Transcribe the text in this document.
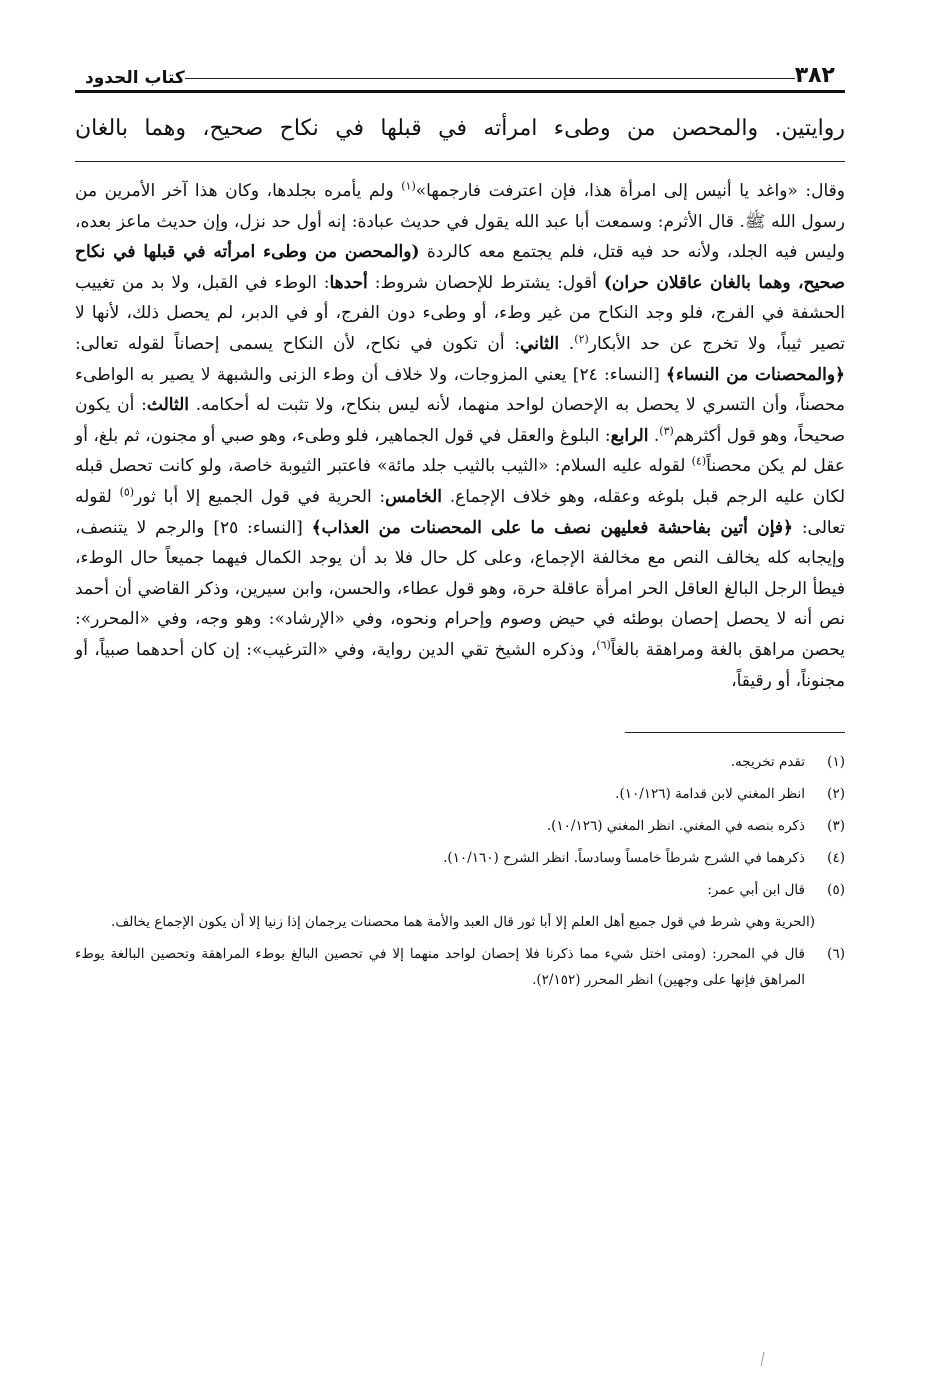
٣٨٢
كتاب الحدود
روايتين. والمحصن من وطىء امرأته في قبلها في نكاح صحيح، وهما بالغان
وقال: «واغد يا أنيس إلى امرأة هذا، فإن اعترفت فارجمها»$^{(١)}$ ولم يأمره بجلدها، وكان هذا آخر الأمرين من رسول الله ﷺ. قال الأثرم: وسمعت أبا عبد الله يقول في حديث عبادة: إنه أول حد نزل، وإن حديث ماعز بعده، وليس فيه الجلد، ولأنه حد فيه قتل، فلم يجتمع معه كالردة (والمحصن من وطىء امرأته في قبلها في نكاح صحيح، وهما بالغان عاقلان حران) أقول: يشترط للإحصان شروط: أحدها: الوطء في القبل، ولا بد من تغييب الحشفة في الفرج، فلو وجد النكاح من غير وطء، أو وطىء دون الفرج، أو في الدبر، لم يحصل ذلك، لأنها لا تصير ثيباً، ولا تخرج عن حد الأبكار$^{(٢)}$. الثاني: أن تكون في نكاح، لأن النكاح يسمى إحصاناً لقوله تعالى: ﴿والمحصنات من النساء﴾ [النساء: ٢٤] يعني المزوجات، ولا خلاف أن وطء الزنى والشبهة لا يصير به الواطىء محصناً، وأن التسري لا يحصل به الإحصان لواحد منهما، لأنه ليس بنكاح، ولا تثبت له أحكامه. الثالث: أن يكون صحيحاً، وهو قول أكثرهم$^{(٣)}$. الرابع: البلوغ والعقل في قول الجماهير، فلو وطىء، وهو صبي أو مجنون، ثم بلغ، أو عقل لم يكن محصناً$^{(٤)}$ لقوله عليه السلام: «الثيب بالثيب جلد مائة» فاعتبر الثيوبة خاصة، ولو كانت تحصل قبله لكان عليه الرجم قبل بلوغه وعقله، وهو خلاف الإجماع. الخامس: الحرية في قول الجميع إلا أبا ثور$^{(٥)}$ لقوله تعالى: ﴿فإن أتين بفاحشة فعليهن نصف ما على المحصنات من العذاب﴾ [النساء: ٢٥] والرجم لا يتنصف، وإيجابه كله يخالف النص مع مخالفة الإجماع، وعلى كل حال فلا بد أن يوجد الكمال فيهما جميعاً حال الوطء، فيطأ الرجل البالغ العاقل الحر امرأة عاقلة حرة، وهو قول عطاء، والحسن، وابن سيرين، وذكر القاضي أن أحمد نص أنه لا يحصل إحصان بوطئه في حيض وصوم وإحرام ونحوه، وفي «الإرشاد»: وهو وجه، وفي «المحرر»: يحصن مراهق بالغة ومراهقة بالغاً$^{(٦)}$، وذكره الشيخ تقي الدين رواية، وفي «الترغيب»: إن كان أحدهما صبياً، أو مجنوناً، أو رقيقاً،
(١)
تقدم تخريجه.
(٢)
انظر المغني لابن قدامة (١٠/١٢٦).
(٣)
ذكره بنصه في المغني. انظر المغني (١٠/١٢٦).
(٤)
ذكرهما في الشرح شرطاً خامساً وسادساً. انظر الشرح (١٠/١٦٠).
(٥)
قال ابن أبي عمر:
(الحرية وهي شرط في قول جميع أهل العلم إلا أبا ثور قال العبد والأمة هما محصنات يرجمان إذا زنيا إلا أن يكون الإجماع يخالف.
(٦)
قال في المحرر: (ومتى اختل شيء مما ذكرنا فلا إحصان لواحد منهما إلا في تحصين البالغ بوطء المراهقة وتحصين البالغة يوطء المراهق فإنها على وجهين) انظر المحرر (٢/١٥٢).
